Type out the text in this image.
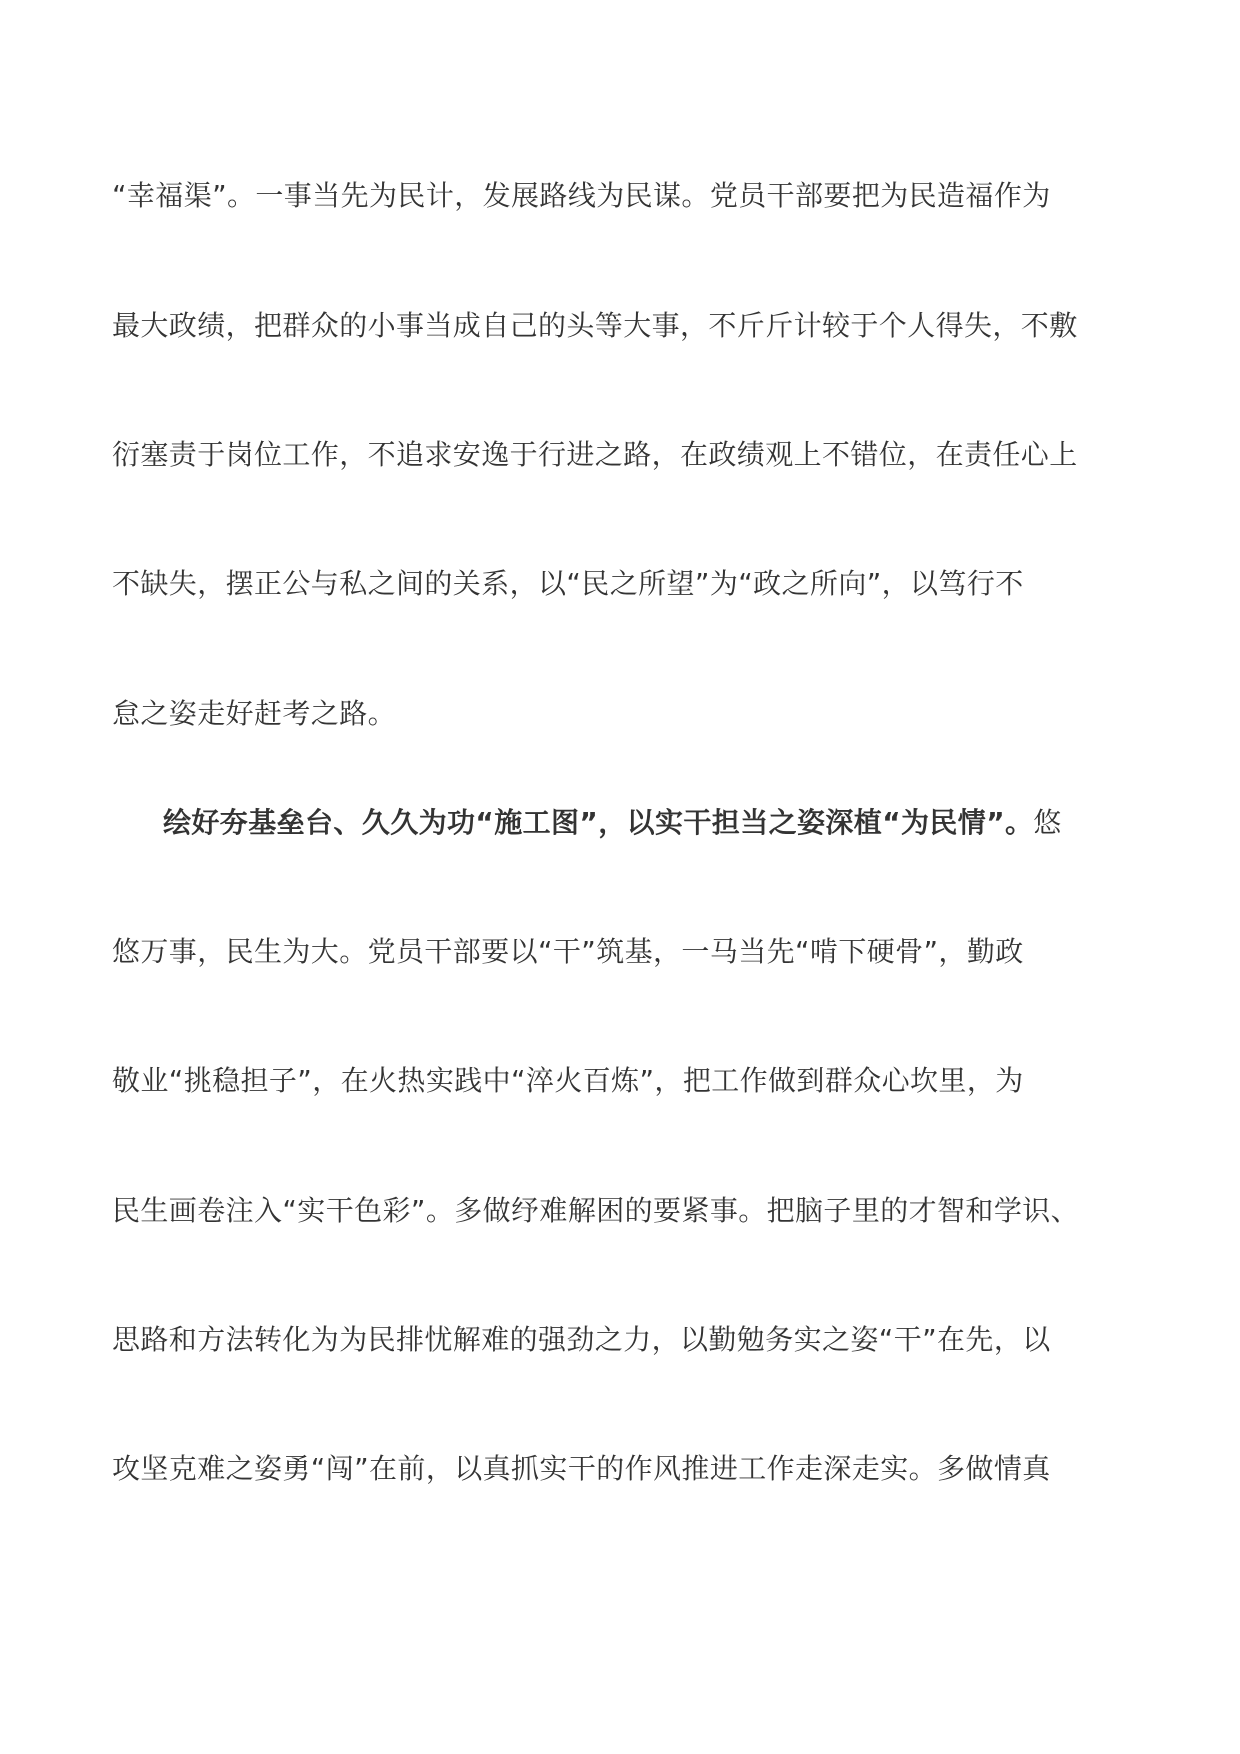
“幸福渠”。一事当先为民计，发展路线为民谋。党员干部要把为民造福作为
最大政绩，把群众的小事当成自己的头等大事，不斤斤计较于个人得失，不敷
衍塞责于岗位工作，不追求安逸于行进之路，在政绩观上不错位，在责任心上
不缺失，摆正公与私之间的关系，以“民之所望”为“政之所向”，以笃行不
怠之姿走好赶考之路。
绘好夯基垒台、久久为功“施工图”，以实干担当之姿深植“为民情”。悠
悠万事，民生为大。党员干部要以“干”筑基，一马当先“啃下硬骨”，勤政
敬业“挑稳担子”，在火热实践中“淬火百炼”，把工作做到群众心坎里，为
民生画卷注入“实干色彩”。多做纾难解困的要紧事。把脑子里的才智和学识、
思路和方法转化为为民排忧解难的强劲之力，以勤勉务实之姿“干”在先，以
攻坚克难之姿勇“闯”在前，以真抓实干的作风推进工作走深走实。多做情真
